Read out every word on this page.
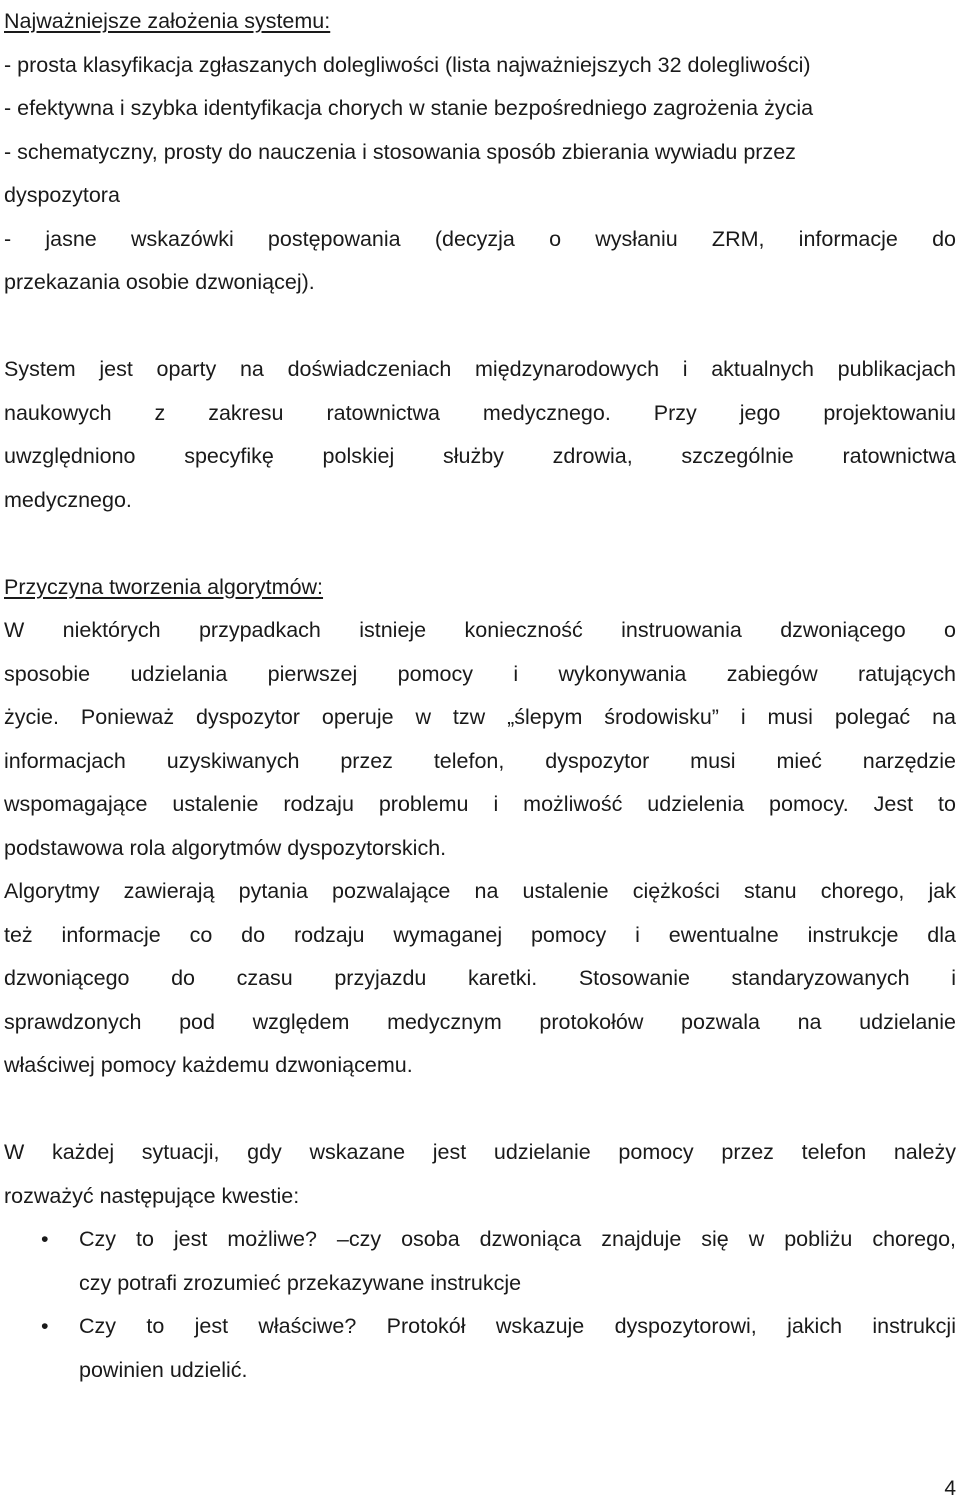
Najważniejsze założenia systemu:

- prosta klasyfikacja zgłaszanych dolegliwości (lista najważniejszych 32 dolegliwości)

- efektywna i szybka identyfikacja chorych w stanie bezpośredniego zagrożenia życia

- schematyczny, prosty do nauczenia i stosowania sposób zbierania wywiadu przez

dyspozytora

- jasne wskazówki postępowania (decyzja o wysłaniu ZRM, informacje do

przekazania osobie dzwoniącej).

System jest oparty na doświadczeniach międzynarodowych i aktualnych publikacjach

naukowych z zakresu ratownictwa medycznego. Przy jego projektowaniu

uwzględniono specyfikę polskiej służby zdrowia, szczególnie ratownictwa

medycznego.

Przyczyna tworzenia algorytmów:

W niektórych przypadkach istnieje konieczność instruowania dzwoniącego o

sposobie udzielania pierwszej pomocy i wykonywania zabiegów ratujących

życie. Ponieważ dyspozytor operuje w tzw „ślepym środowisku” i musi polegać na

informacjach uzyskiwanych przez telefon, dyspozytor musi mieć narzędzie

wspomagające ustalenie rodzaju problemu i możliwość udzielenia pomocy. Jest to

podstawowa rola algorytmów dyspozytorskich.

Algorytmy zawierają pytania pozwalające na ustalenie ciężkości stanu chorego, jak

też informacje co do rodzaju wymaganej pomocy i ewentualne instrukcje dla

dzwoniącego do czasu przyjazdu karetki. Stosowanie standaryzowanych i

sprawdzonych pod względem medycznym protokołów pozwala na udzielanie

właściwej pomocy każdemu dzwoniącemu.

W każdej sytuacji, gdy wskazane jest udzielanie pomocy przez telefon należy

rozważyć następujące kwestie:

• Czy to jest możliwe? –czy osoba dzwoniąca znajduje się w pobliżu chorego,

czy potrafi zrozumieć przekazywane instrukcje

• Czy to jest właściwe? Protokół wskazuje dyspozytorowi, jakich instrukcji

powinien udzielić.

4
